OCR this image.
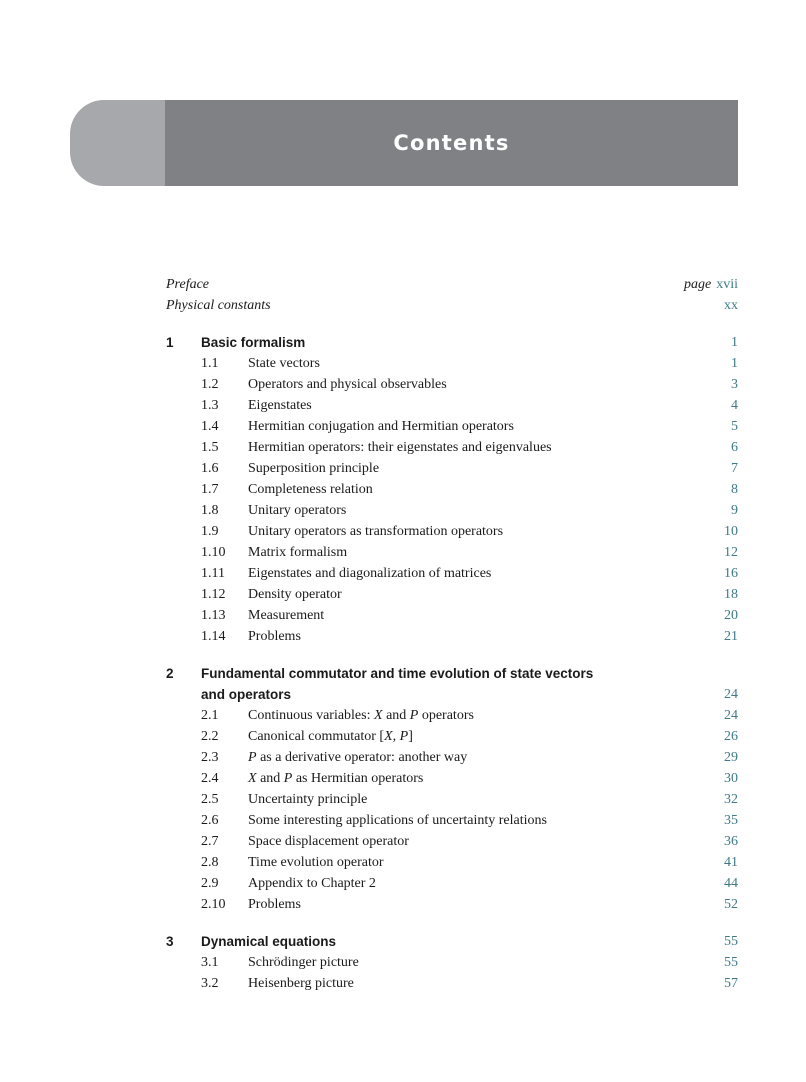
Contents
Preface	page xvii
Physical constants	xx
1 Basic formalism	1
1.1 State vectors	1
1.2 Operators and physical observables	3
1.3 Eigenstates	4
1.4 Hermitian conjugation and Hermitian operators	5
1.5 Hermitian operators: their eigenstates and eigenvalues	6
1.6 Superposition principle	7
1.7 Completeness relation	8
1.8 Unitary operators	9
1.9 Unitary operators as transformation operators	10
1.10 Matrix formalism	12
1.11 Eigenstates and diagonalization of matrices	16
1.12 Density operator	18
1.13 Measurement	20
1.14 Problems	21
2 Fundamental commutator and time evolution of state vectors
and operators	24
2.1 Continuous variables: X and P operators	24
2.2 Canonical commutator [X, P]	26
2.3 P as a derivative operator: another way	29
2.4 X and P as Hermitian operators	30
2.5 Uncertainty principle	32
2.6 Some interesting applications of uncertainty relations	35
2.7 Space displacement operator	36
2.8 Time evolution operator	41
2.9 Appendix to Chapter 2	44
2.10 Problems	52
3 Dynamical equations	55
3.1 Schrödinger picture	55
3.2 Heisenberg picture	57
